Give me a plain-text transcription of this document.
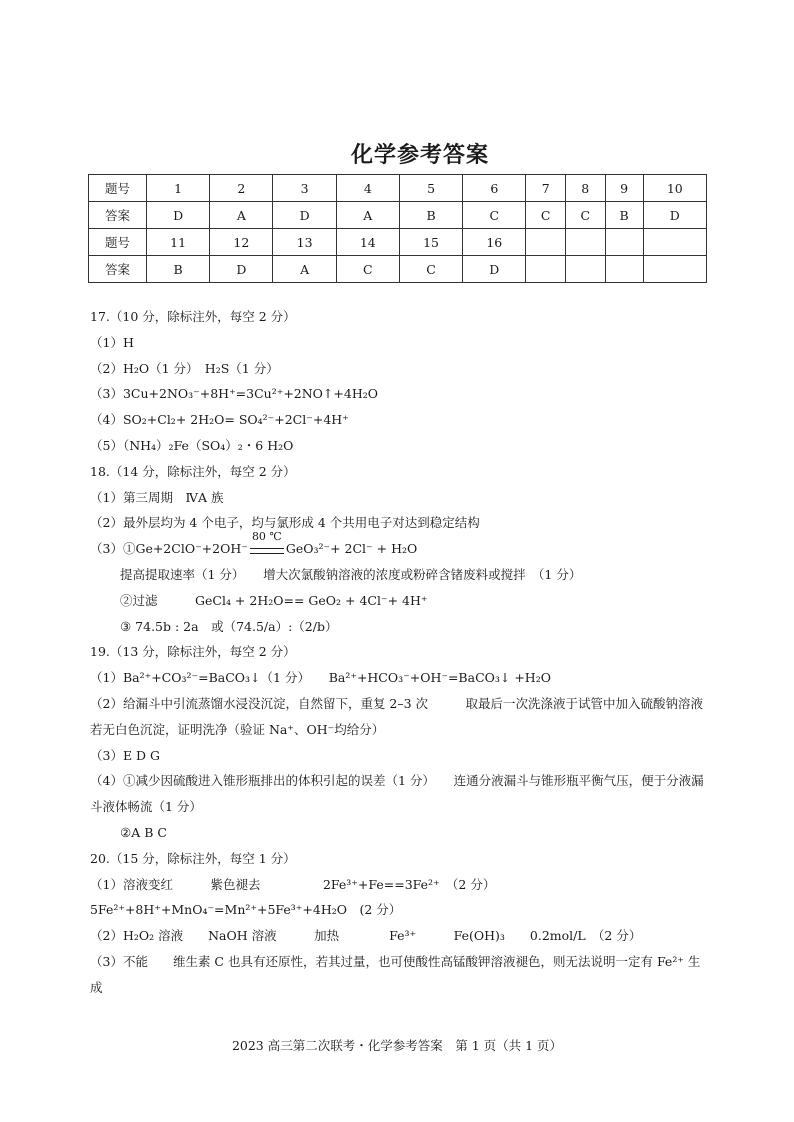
化学参考答案
题号	1	2	3	4	5	6	7	8	9	10
答案	D	A	D	A	B	C	C	C	B	D
题号	11	12	13	14	15	16				
答案	B	D	A	C	C	D				
17.（10 分，除标注外，每空 2 分）
（1）H
（2）H₂O（1 分）　H₂S（1 分）
（3）3Cu+2NO₃⁻+8H⁺=3Cu²⁺+2NO↑+4H₂O
（4）SO₂+Cl₂+ 2H₂O= SO₄²⁻+2Cl⁻+4H⁺
（5）（NH₄）₂Fe（SO₄）₂・6 H₂O
18.（14 分，除标注外，每空 2 分）
（1）第三周期　ⅣA 族
（2）最外层均为 4 个电子，均与氯形成 4 个共用电子对达到稳定结构
（3）①Ge+2ClO⁻+2OH⁻
80 ℃
GeO₃²⁻+ 2Cl⁻ + H₂O
提高提取速率（1 分）　　增大次氯酸钠溶液的浓度或粉碎含锗废料或搅拌　（1 分）
②过滤　　　GeCl₄ + 2H₂O== GeO₂ + 4Cl⁻+ 4H⁺
③ 74.5b : 2a　或（74.5/a）:（2/b）
19.（13 分，除标注外，每空 2 分）
（1）Ba²⁺+CO₃²⁻=BaCO₃↓（1 分）　　Ba²⁺+HCO₃⁻+OH⁻=BaCO₃↓ +H₂O
（2）给漏斗中引流蒸馏水浸没沉淀，自然留下，重复 2–3 次　　　取最后一次洗涤液于试管中加入硫酸钠溶液若无白色沉淀，证明洗净（验证 Na⁺、OH⁻均给分）
（3）E D G
（4）①减少因硫酸进入锥形瓶排出的体积引起的误差（1 分）　　连通分液漏斗与锥形瓶平衡气压，便于分液漏斗液体畅流（1 分）
②A B C
20.（15 分，除标注外，每空 1 分）
（1）溶液变红　　　紫色褪去　　　　　2Fe³⁺+Fe==3Fe²⁺　（2 分）
5Fe²⁺+8H⁺+MnO₄⁻=Mn²⁺+5Fe³⁺+4H₂O　(2 分）
（2）H₂O₂ 溶液　　NaOH 溶液　　　加热　　　　Fe³⁺　　　Fe(OH)₃　　0.2mol/L　（2 分）
（3）不能　　维生素 C 也具有还原性，若其过量，也可使酸性高锰酸钾溶液褪色，则无法说明一定有 Fe²⁺ 生成
2023 高三第二次联考・化学参考答案　第 1 页（共 1 页）
